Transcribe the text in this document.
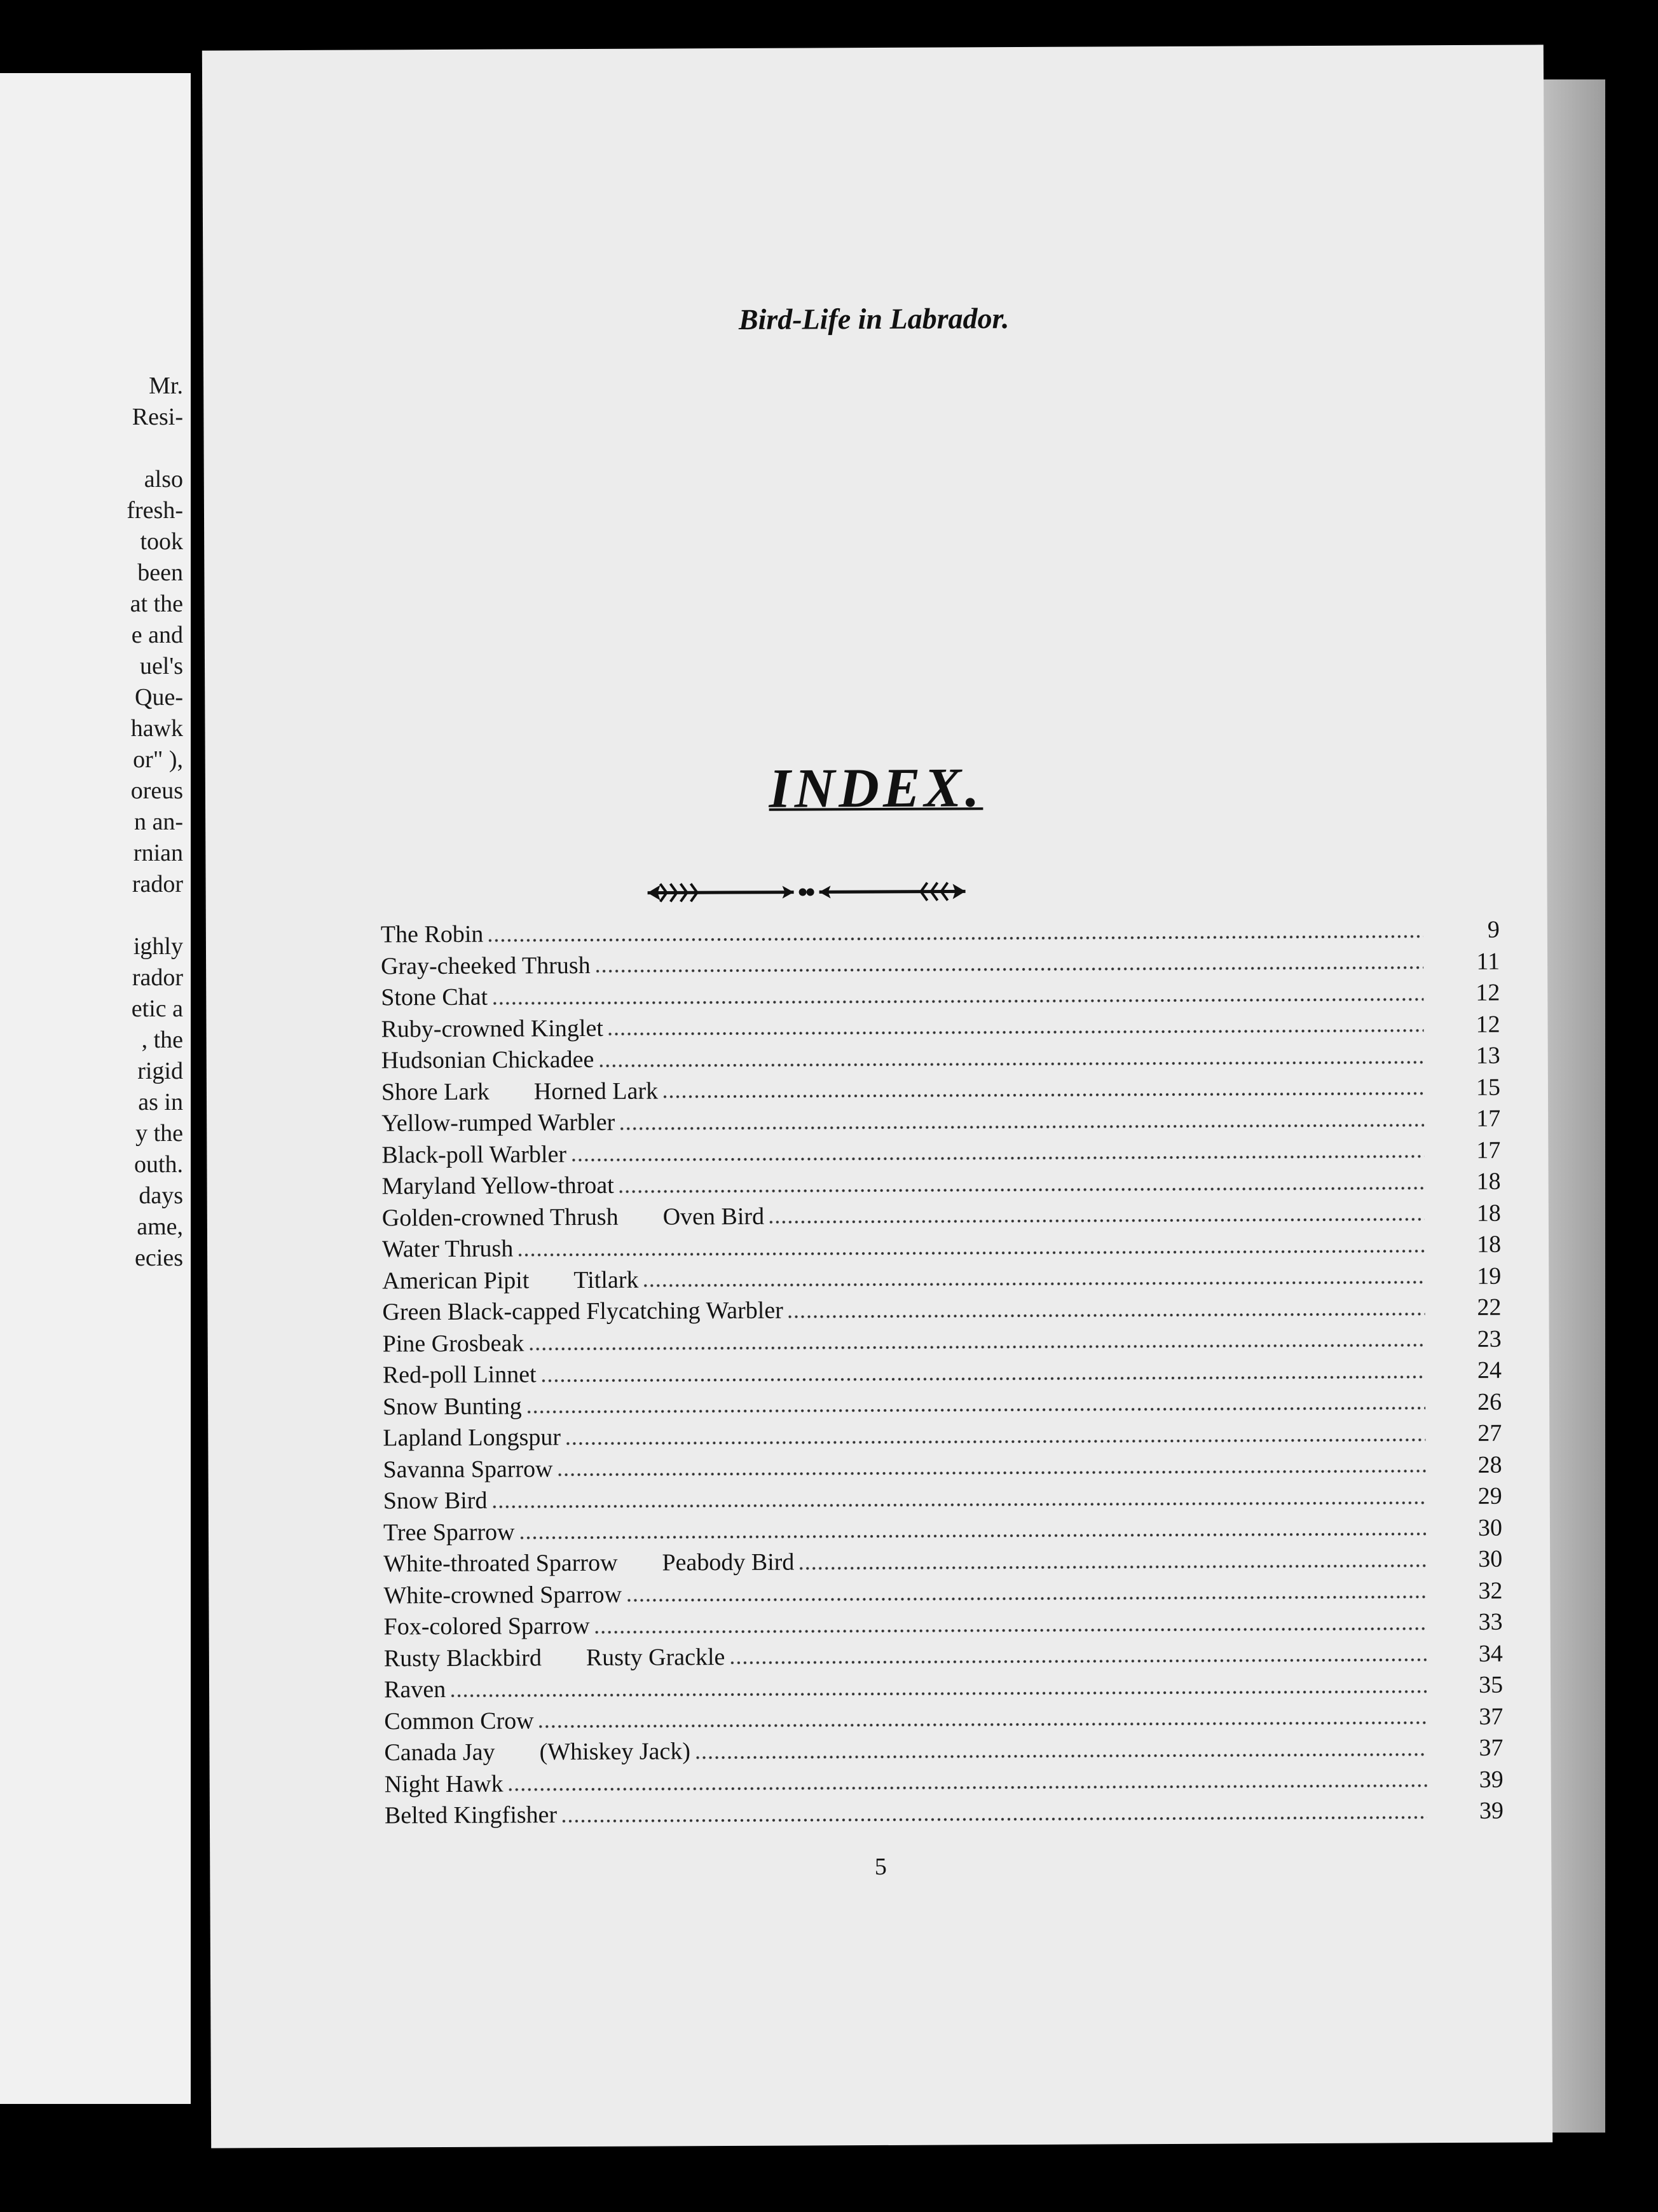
Mr.
Resi-

also
fresh-
took
been
at the
e and
uel's
Que-
hawk
or" ),
oreus
n an-
rnian
rador

ighly
rador
etic a
, the
rigid
as in
y the
outh.
days
ame,
ecies
Bird-Life in Labrador.
INDEX.
The Robin	9
Gray-cheeked Thrush	11
Stone Chat	12
Ruby-crowned Kinglet	12
Hudsonian Chickadee	13
Shore Lark Horned Lark	15
Yellow-rumped Warbler	17
Black-poll Warbler	17
Maryland Yellow-throat	18
Golden-crowned Thrush Oven Bird	18
Water Thrush	18
American Pipit Titlark	19
Green Black-capped Flycatching Warbler	22
Pine Grosbeak	23
Red-poll Linnet	24
Snow Bunting	26
Lapland Longspur	27
Savanna Sparrow	28
Snow Bird	29
Tree Sparrow	30
White-throated Sparrow Peabody Bird	30
White-crowned Sparrow	32
Fox-colored Sparrow	33
Rusty Blackbird Rusty Grackle	34
Raven	35
Common Crow	37
Canada Jay (Whiskey Jack)	37
Night Hawk	39
Belted Kingfisher	39
5
